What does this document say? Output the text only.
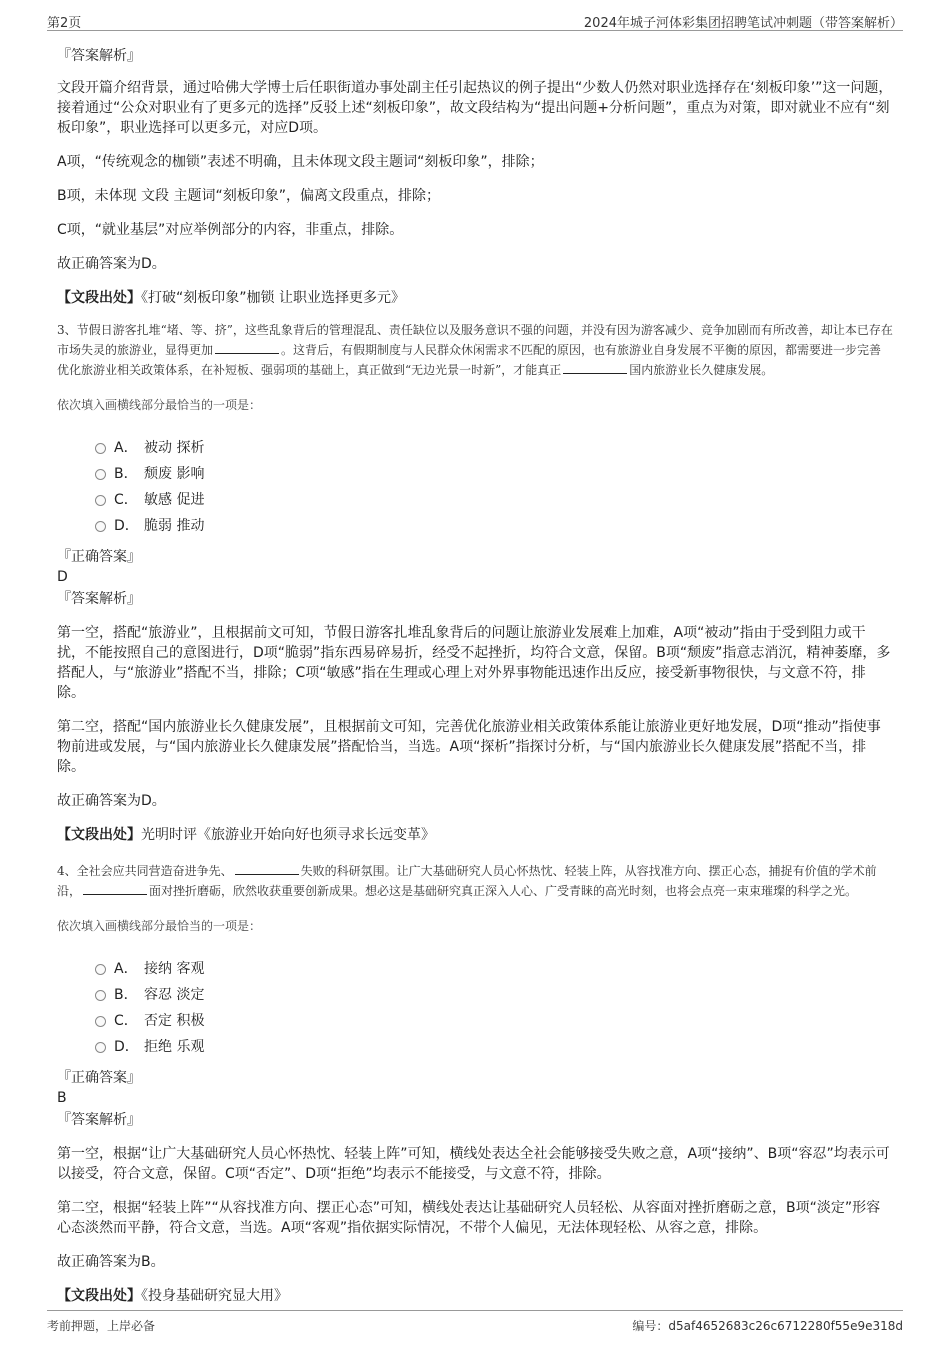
第2页	2024年城子河体彩集团招聘笔试冲刺题（带答案解析）

『答案解析』

文段开篇介绍背景，通过哈佛大学博士后任职街道办事处副主任引起热议的例子提出“少数人仍然对职业选择存在‘刻板印象’”这一问题，接着通过“公众对职业有了更多元的选择”反驳上述“刻板印象”，故文段结构为“提出问题+分析问题”，重点为对策，即对就业不应有“刻板印象”，职业选择可以更多元，对应D项。

A项，“传统观念的枷锁”表述不明确，且未体现文段主题词“刻板印象”，排除；

B项，未体现 文段 主题词“刻板印象”，偏离文段重点，排除；

C项，“就业基层”对应举例部分的内容，非重点，排除。

故正确答案为D。

【文段出处】《打破“刻板印象”枷锁 让职业选择更多元》

3、节假日游客扎堆“堵、等、挤”，这些乱象背后的管理混乱、责任缺位以及服务意识不强的问题，并没有因为游客减少、竞争加剧而有所改善，却让本已存在市场失灵的旅游业，显得更加	。这背后，有假期制度与人民群众休闲需求不匹配的原因，也有旅游业自身发展不平衡的原因，都需要进一步完善优化旅游业相关政策体系，在补短板、强弱项的基础上，真正做到“无边光景一时新”，才能真正	国内旅游业长久健康发展。

依次填入画横线部分最恰当的一项是：

A． 被动 探析
B． 颓废 影响
C． 敏感 促进
D． 脆弱 推动

『正确答案』

D

『答案解析』

第一空，搭配“旅游业”，且根据前文可知，节假日游客扎堆乱象背后的问题让旅游业发展难上加难，A项“被动”指由于受到阻力或干扰，不能按照自己的意图进行，D项“脆弱”指东西易碎易折，经受不起挫折，均符合文意，保留。B项“颓废”指意志消沉，精神萎靡，多搭配人，与“旅游业”搭配不当，排除；C项“敏感”指在生理或心理上对外界事物能迅速作出反应，接受新事物很快，与文意不符，排除。

第二空，搭配“国内旅游业长久健康发展”，且根据前文可知，完善优化旅游业相关政策体系能让旅游业更好地发展，D项“推动”指使事物前进或发展，与“国内旅游业长久健康发展”搭配恰当，当选。A项“探析”指探讨分析，与“国内旅游业长久健康发展”搭配不当，排除。

故正确答案为D。

【文段出处】光明时评《旅游业开始向好也须寻求长远变革》

4、全社会应共同营造奋进争先、	失败的科研氛围。让广大基础研究人员心怀热忱、轻装上阵，从容找准方向、摆正心态，捕捉有价值的学术前沿，	面对挫折磨砺，欣然收获重要创新成果。想必这是基础研究真正深入人心、广受青睐的高光时刻，也将会点亮一束束璀璨的科学之光。

依次填入画横线部分最恰当的一项是：

A． 接纳 客观
B． 容忍 淡定
C． 否定 积极
D． 拒绝 乐观

『正确答案』

B

『答案解析』

第一空，根据“让广大基础研究人员心怀热忱、轻装上阵”可知，横线处表达全社会能够接受失败之意，A项“接纳”、B项“容忍”均表示可以接受，符合文意，保留。C项“否定”、D项“拒绝”均表示不能接受，与文意不符，排除。

第二空，根据“轻装上阵”“从容找准方向、摆正心态”可知，横线处表达让基础研究人员轻松、从容面对挫折磨砺之意，B项“淡定”形容心态淡然而平静，符合文意，当选。A项“客观”指依据实际情况，不带个人偏见，无法体现轻松、从容之意，排除。

故正确答案为B。

【文段出处】《投身基础研究显大用》

考前押题，上岸必备	编号：d5af4652683c26c6712280f55e9e318d
